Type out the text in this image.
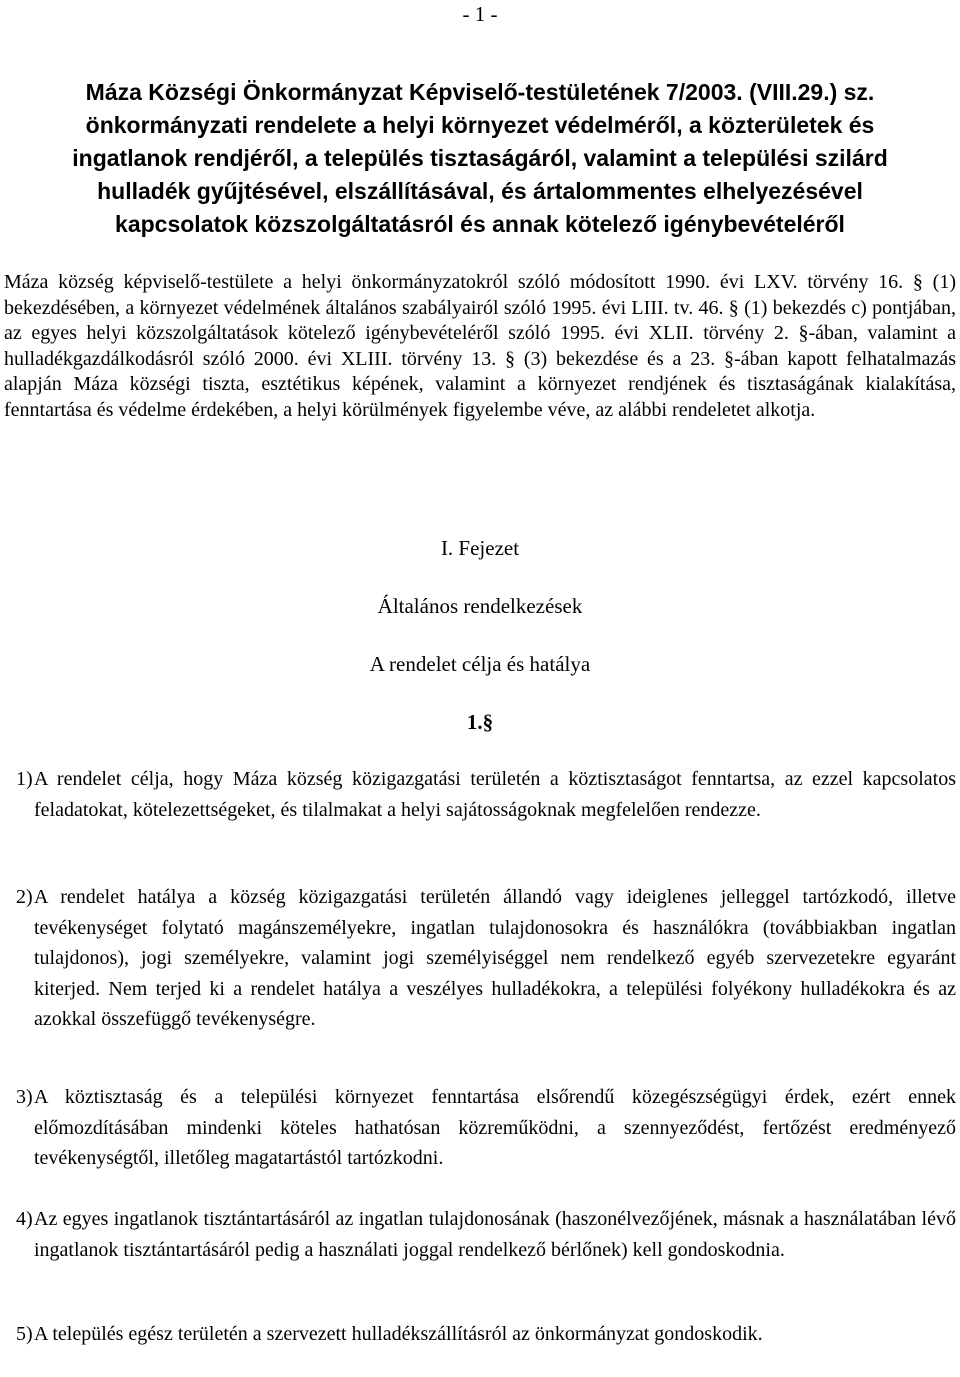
- 1 -
Máza Községi Önkormányzat Képviselő-testületének 7/2003. (VIII.29.) sz.
önkormányzati rendelete a helyi környezet védelméről, a közterületek és
ingatlanok rendjéről, a település tisztaságáról, valamint a települési szilárd
hulladék gyűjtésével, elszállításával, és ártalommentes elhelyezésével
kapcsolatok közszolgáltatásról és annak kötelező igénybevételéről
Máza község képviselő-testülete a helyi önkormányzatokról szóló módosított 1990. évi LXV. törvény 16. § (1) bekezdésében, a környezet védelmének általános szabályairól szóló 1995. évi LIII. tv. 46. § (1) bekezdés c) pontjában, az egyes helyi közszolgáltatások kötelező igénybevételéről szóló 1995. évi XLII. törvény 2. §-ában, valamint a hulladékgazdálkodásról szóló 2000. évi XLIII. törvény 13. § (3) bekezdése és a 23. §-ában kapott felhatalmazás alapján Máza községi tiszta, esztétikus képének, valamint a környezet rendjének és tisztaságának kialakítása, fenntartása és védelme érdekében, a helyi körülmények figyelembe véve, az alábbi rendeletet alkotja.
I. Fejezet
Általános rendelkezések
A rendelet célja és hatálya
1.§
1) A rendelet célja, hogy Máza község közigazgatási területén a köztisztaságot fenntartsa, az ezzel kapcsolatos feladatokat, kötelezettségeket, és tilalmakat a helyi sajátosságoknak megfelelően rendezze.
2) A rendelet hatálya a község közigazgatási területén állandó vagy ideiglenes jelleggel tartózkodó, illetve tevékenységet folytató magánszemélyekre, ingatlan tulajdonosokra és használókra (továbbiakban ingatlan tulajdonos), jogi személyekre, valamint jogi személyiséggel nem rendelkező egyéb szervezetekre egyaránt kiterjed. Nem terjed ki a rendelet hatálya a veszélyes hulladékokra, a települési folyékony hulladékokra és az azokkal összefüggő tevékenységre.
3) A köztisztaság és a települési környezet fenntartása elsőrendű közegészségügyi érdek, ezért ennek előmozdításában mindenki köteles hathatósan közreműködni, a szennyeződést, fertőzést eredményező tevékenységtől, illetőleg magatartástól tartózkodni.
4) Az egyes ingatlanok tisztántartásáról az ingatlan tulajdonosának (haszonélvezőjének, másnak a használatában lévő ingatlanok tisztántartásáról pedig a használati joggal rendelkező bérlőnek) kell gondoskodnia.
5) A település egész területén a szervezett hulladékszállításról az önkormányzat gondoskodik.
